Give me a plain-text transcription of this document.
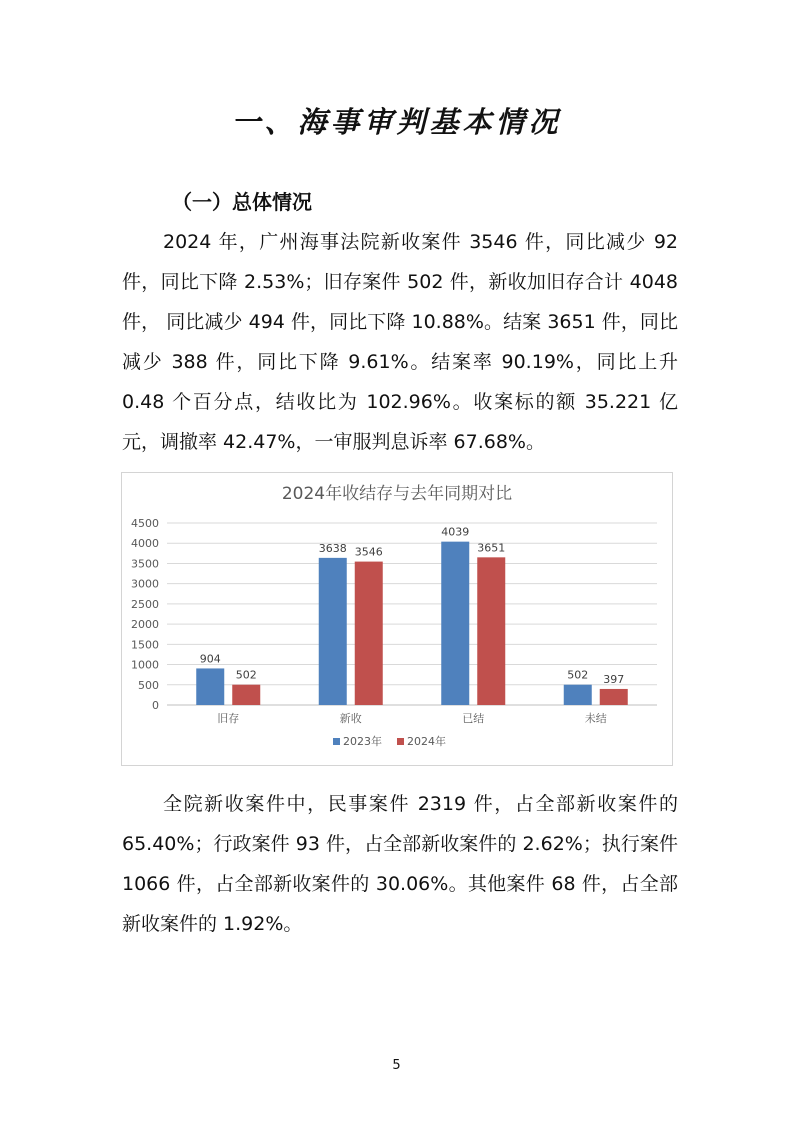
一、海事审判基本情况
（一）总体情况

2024 年，广州海事法院新收案件 3546 件，同比减少 92 件，同比下降 2.53%；旧存案件 502 件，新收加旧存合计 4048 件， 同比减少 494 件，同比下降 10.88%。结案 3651 件，同比减少 388 件，同比下降 9.61%。结案率 90.19%，同比上升 0.48 个百分点，结收比为 102.96%。收案标的额 35.221 亿元，调撤率 42.47%，一审服判息诉率 67.68%。

2024年收结存与去年同期对比
0
500
1000
1500
2000
2500
3000
3500
4000
4500
904
502
3638 3546
4039
3651
502 397
旧存	新收	已结	未结
2023年 2024年

全院新收案件中，民事案件 2319 件，占全部新收案件的 65.40%；行政案件 93 件，占全部新收案件的 2.62%；执行案件 1066 件，占全部新收案件的 30.06%。其他案件 68 件，占全部新收案件的 1.92%。

5
